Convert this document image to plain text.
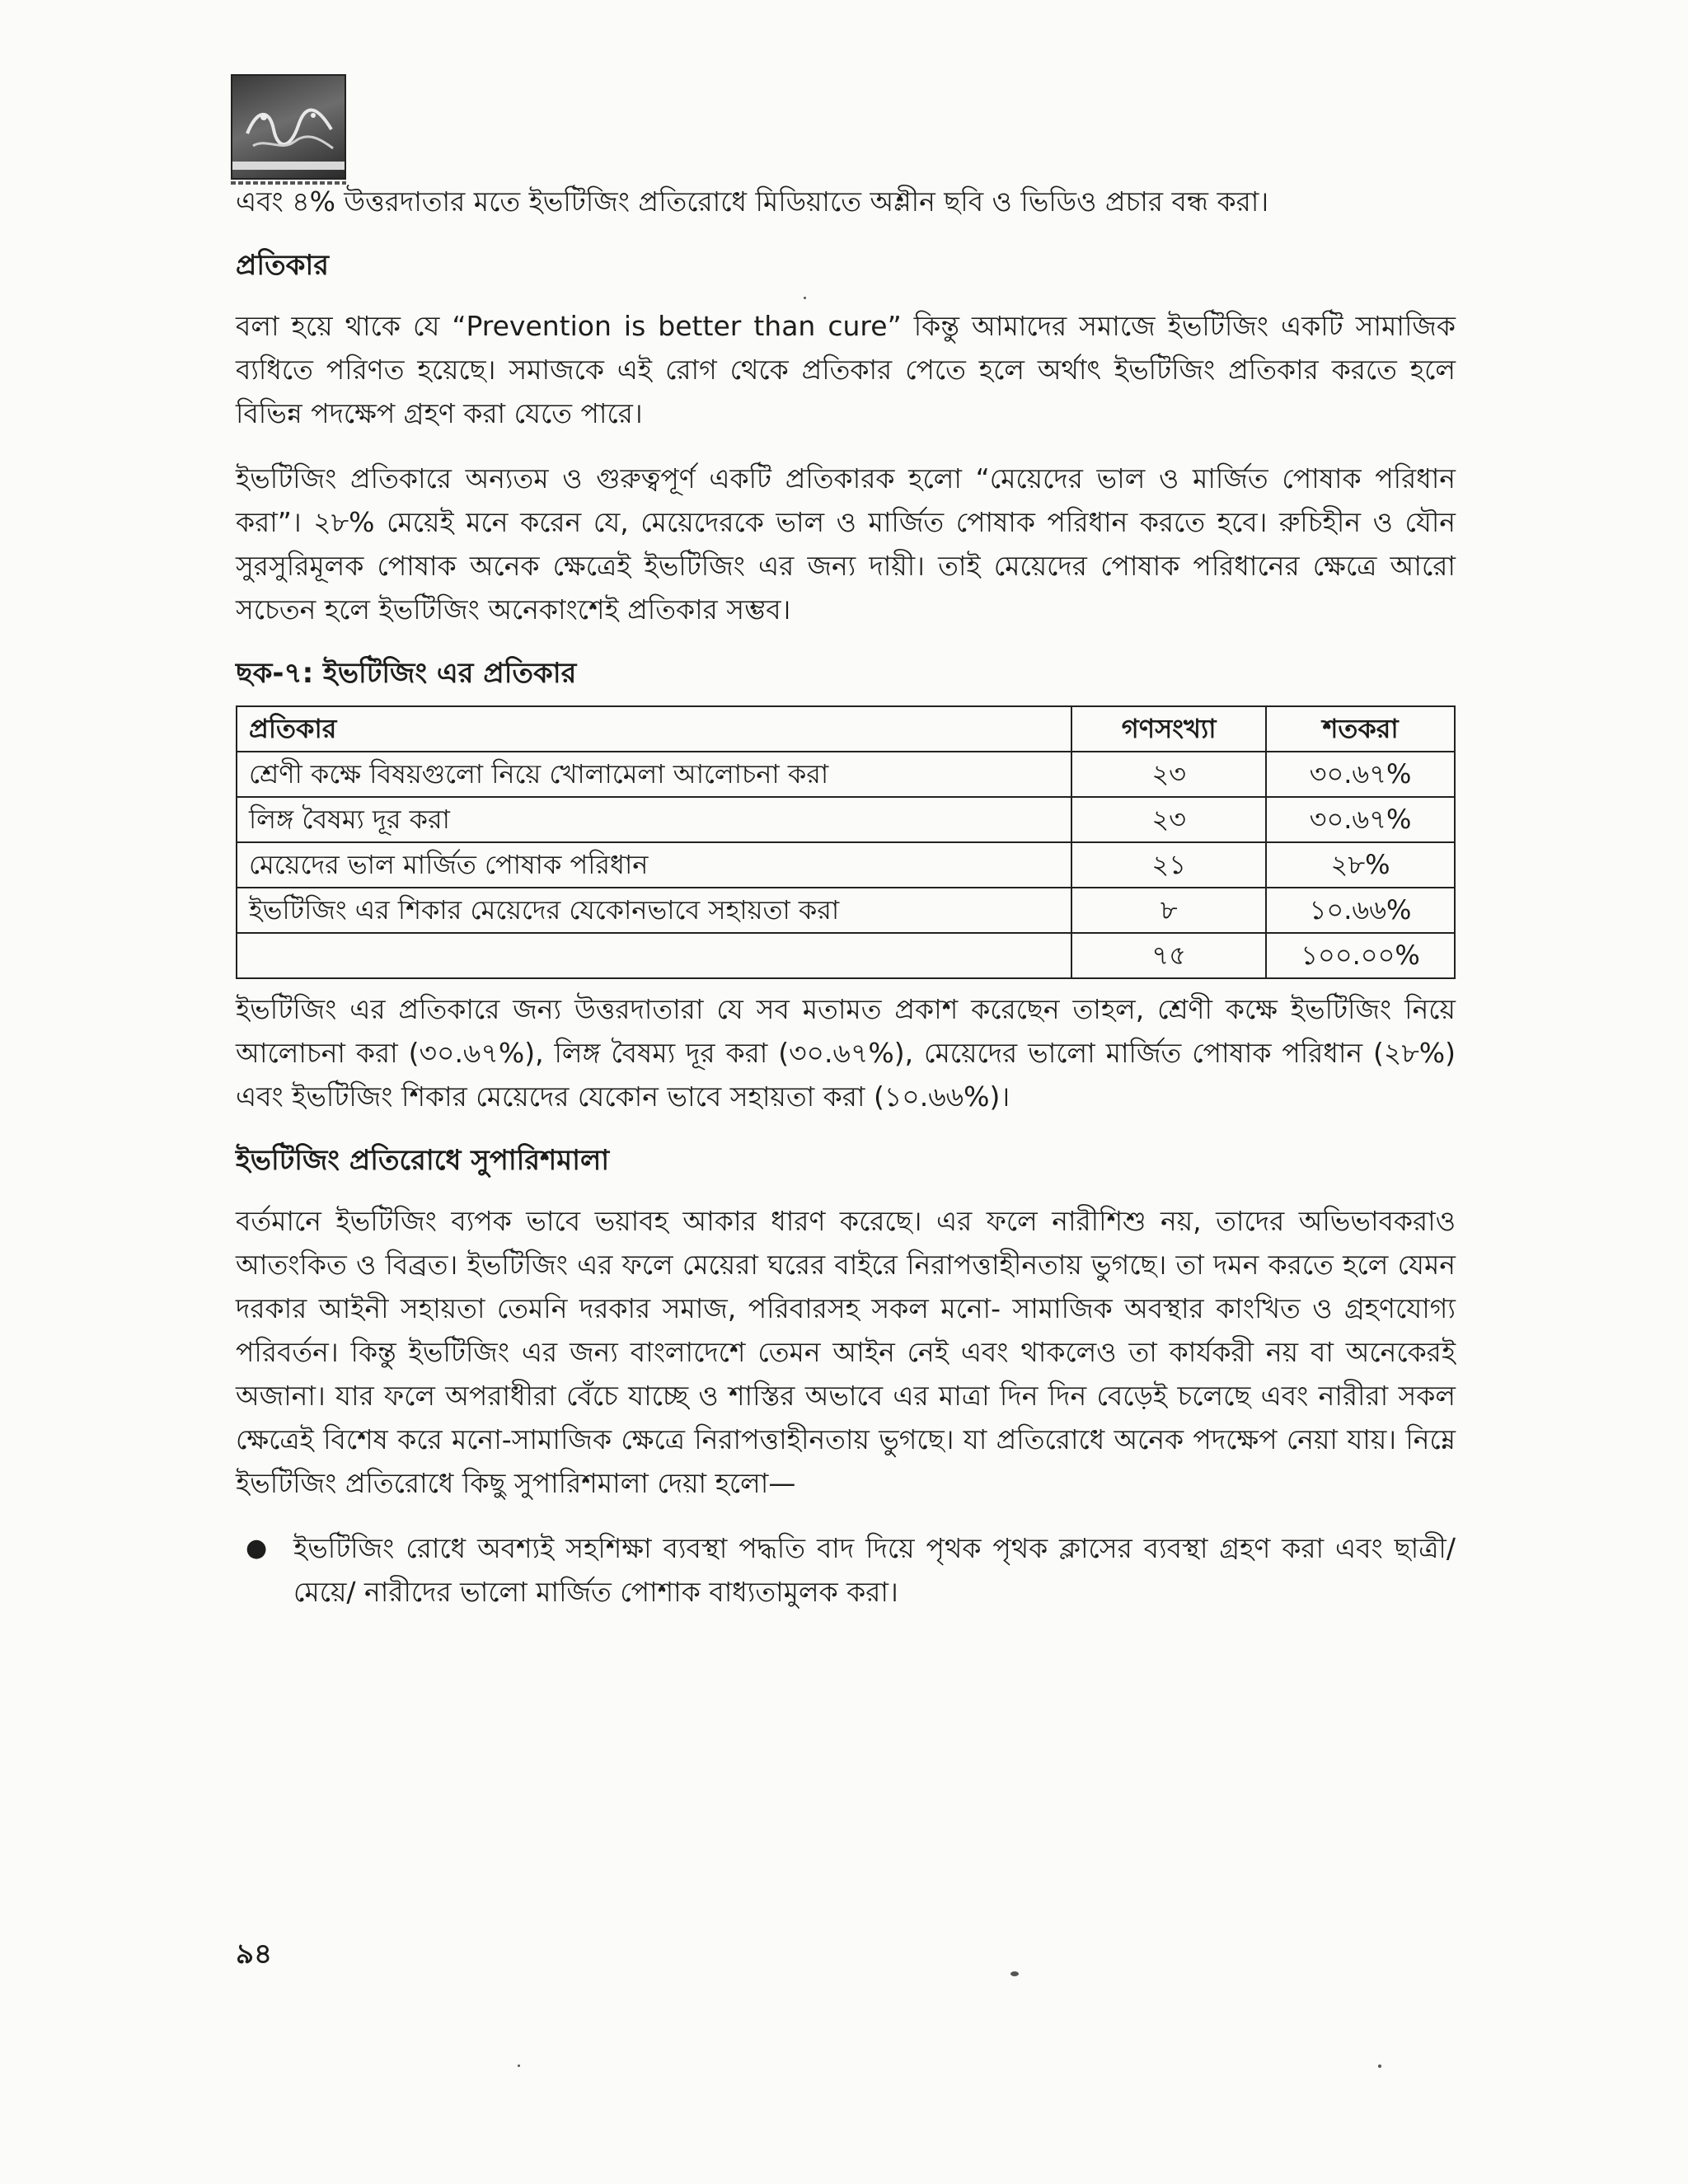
এবং ৪% উত্তরদাতার মতে ইভটিজিং প্রতিরোধে মিডিয়াতে অশ্লীন ছবি ও ভিডিও প্রচার বন্ধ করা।

প্রতিকার

বলা হয়ে থাকে যে “Prevention is better than cure” কিন্তু আমাদের সমাজে ইভটিজিং একটি সামাজিক ব্যধিতে পরিণত হয়েছে। সমাজকে এই রোগ থেকে প্রতিকার পেতে হলে অর্থাৎ ইভটিজিং প্রতিকার করতে হলে বিভিন্ন পদক্ষেপ গ্রহণ করা যেতে পারে।

ইভটিজিং প্রতিকারে অন্যতম ও গুরুত্বপূর্ণ একটি প্রতিকারক হলো “মেয়েদের ভাল ও মার্জিত পোষাক পরিধান করা”। ২৮% মেয়েই মনে করেন যে, মেয়েদেরকে ভাল ও মার্জিত পোষাক পরিধান করতে হবে। রুচিহীন ও যৌন সুরসুরিমূলক পোষাক অনেক ক্ষেত্রেই ইভটিজিং এর জন্য দায়ী। তাই মেয়েদের পোষাক পরিধানের ক্ষেত্রে আরো সচেতন হলে ইভটিজিং অনেকাংশেই প্রতিকার সম্ভব।

ছক-৭: ইভটিজিং এর প্রতিকার
প্রতিকার	গণসংখ্যা	শতকরা
শ্রেণী কক্ষে বিষয়গুলো নিয়ে খোলামেলা আলোচনা করা	২৩	৩০.৬৭%
লিঙ্গ বৈষম্য দূর করা	২৩	৩০.৬৭%
মেয়েদের ভাল মার্জিত পোষাক পরিধান	২১	২৮%
ইভটিজিং এর শিকার মেয়েদের যেকোনভাবে সহায়তা করা	৮	১০.৬৬%
	৭৫	১০০.০০%

ইভটিজিং এর প্রতিকারে জন্য উত্তরদাতারা যে সব মতামত প্রকাশ করেছেন তাহল, শ্রেণী কক্ষে ইভটিজিং নিয়ে আলোচনা করা (৩০.৬৭%), লিঙ্গ বৈষম্য দূর করা (৩০.৬৭%), মেয়েদের ভালো মার্জিত পোষাক পরিধান (২৮%) এবং ইভটিজিং শিকার মেয়েদের যেকোন ভাবে সহায়তা করা (১০.৬৬%)।

ইভটিজিং প্রতিরোধে সুপারিশমালা

বর্তমানে ইভটিজিং ব্যপক ভাবে ভয়াবহ আকার ধারণ করেছে। এর ফলে নারীশিশু নয়, তাদের অভিভাবকরাও আতংকিত ও বিব্রত। ইভটিজিং এর ফলে মেয়েরা ঘরের বাইরে নিরাপত্তাহীনতায় ভুগছে। তা দমন করতে হলে যেমন দরকার আইনী সহায়তা তেমনি দরকার সমাজ, পরিবারসহ সকল মনো- সামাজিক অবস্থার কাংখিত ও গ্রহণযোগ্য পরিবর্তন। কিন্তু ইভটিজিং এর জন্য বাংলাদেশে তেমন আইন নেই এবং থাকলেও তা কার্যকরী নয় বা অনেকেরই অজানা। যার ফলে অপরাধীরা বেঁচে যাচ্ছে ও শাস্তির অভাবে এর মাত্রা দিন দিন বেড়েই চলেছে এবং নারীরা সকল ক্ষেত্রেই বিশেষ করে মনো-সামাজিক ক্ষেত্রে নিরাপত্তাহীনতায় ভুগছে। যা প্রতিরোধে অনেক পদক্ষেপ নেয়া যায়। নিম্নে ইভটিজিং প্রতিরোধে কিছু সুপারিশমালা দেয়া হলো—

● ইভটিজিং রোধে অবশ্যই সহশিক্ষা ব্যবস্থা পদ্ধতি বাদ দিয়ে পৃথক পৃথক ক্লাসের ব্যবস্থা গ্রহণ করা এবং ছাত্রী/মেয়ে/ নারীদের ভালো মার্জিত পোশাক বাধ্যতামুলক করা।
৯৪
